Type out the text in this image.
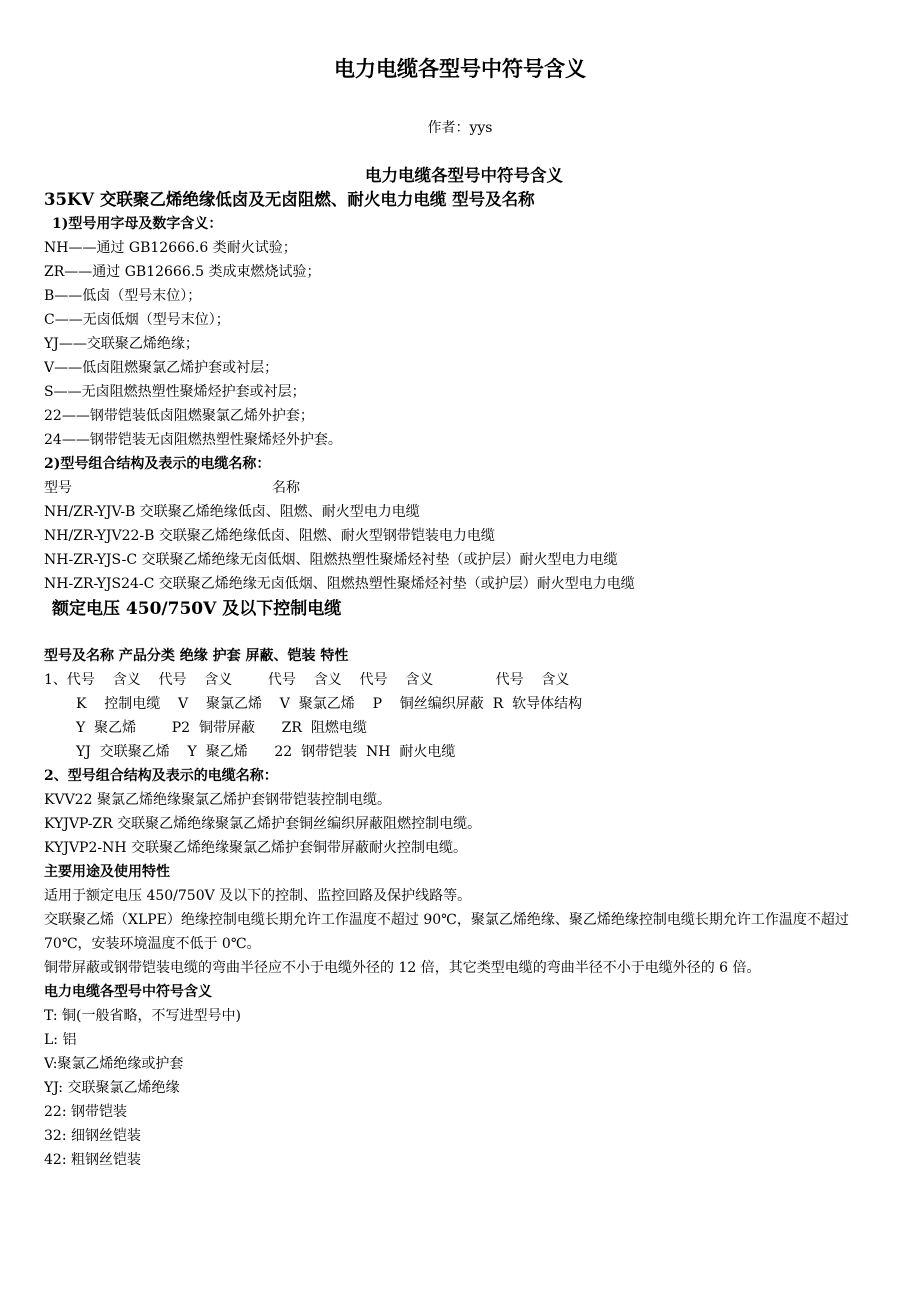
电力电缆各型号中符号含义
作者：yys
电力电缆各型号中符号含义
35KV 交联聚乙烯绝缘低卤及无卤阻燃、耐火电力电缆 型号及名称
1)型号用字母及数字含义：
NH——通过 GB12666.6 类耐火试验；
ZR——通过 GB12666.5 类成束燃烧试验；
B——低卤（型号末位）；
C——无卤低烟（型号末位）；
YJ——交联聚乙烯绝缘；
V——低卤阻燃聚氯乙烯护套或衬层；
S——无卤阻燃热塑性聚烯烃护套或衬层；
22——钢带铠装低卤阻燃聚氯乙烯外护套；
24——钢带铠装无卤阻燃热塑性聚烯烃外护套。
2)型号组合结构及表示的电缆名称：
型号	名称
NH/ZR-YJV-B 交联聚乙烯绝缘低卤、阻燃、耐火型电力电缆
NH/ZR-YJV22-B 交联聚乙烯绝缘低卤、阻燃、耐火型钢带铠装电力电缆
NH-ZR-YJS-C 交联聚乙烯绝缘无卤低烟、阻燃热塑性聚烯烃衬垫（或护层）耐火型电力电缆
NH-ZR-YJS24-C 交联聚乙烯绝缘无卤低烟、阻燃热塑性聚烯烃衬垫（或护层）耐火型电力电缆
额定电压 450/750V 及以下控制电缆
型号及名称 产品分类 绝缘 护套 屏蔽、铠装 特性
1、代号    含义    代号    含义        代号    含义    代号    含义              代号    含义
K    控制电缆    V    聚氯乙烯    V  聚氯乙烯    P    铜丝编织屏蔽  R  软导体结构
Y  聚乙烯        P2  铜带屏蔽      ZR  阻燃电缆
YJ  交联聚乙烯    Y  聚乙烯      22  钢带铠装  NH  耐火电缆
2、型号组合结构及表示的电缆名称：
KVV22 聚氯乙烯绝缘聚氯乙烯护套钢带铠装控制电缆。
KYJVP-ZR 交联聚乙烯绝缘聚氯乙烯护套铜丝编织屏蔽阻燃控制电缆。
KYJVP2-NH 交联聚乙烯绝缘聚氯乙烯护套铜带屏蔽耐火控制电缆。
主要用途及使用特性
适用于额定电压 450/750V 及以下的控制、监控回路及保护线路等。
交联聚乙烯（XLPE）绝缘控制电缆长期允许工作温度不超过 90℃，聚氯乙烯绝缘、聚乙烯绝缘控制电缆长期允许工作温度不超过 70℃，安装环境温度不低于 0℃。
铜带屏蔽或钢带铠装电缆的弯曲半径应不小于电缆外径的 12 倍，其它类型电缆的弯曲半径不小于电缆外径的 6 倍。
电力电缆各型号中符号含义
T: 铜(一般省略，不写进型号中)
L: 铝
V:聚氯乙烯绝缘或护套
YJ: 交联聚氯乙烯绝缘
22: 钢带铠装
32: 细钢丝铠装
42: 粗钢丝铠装
